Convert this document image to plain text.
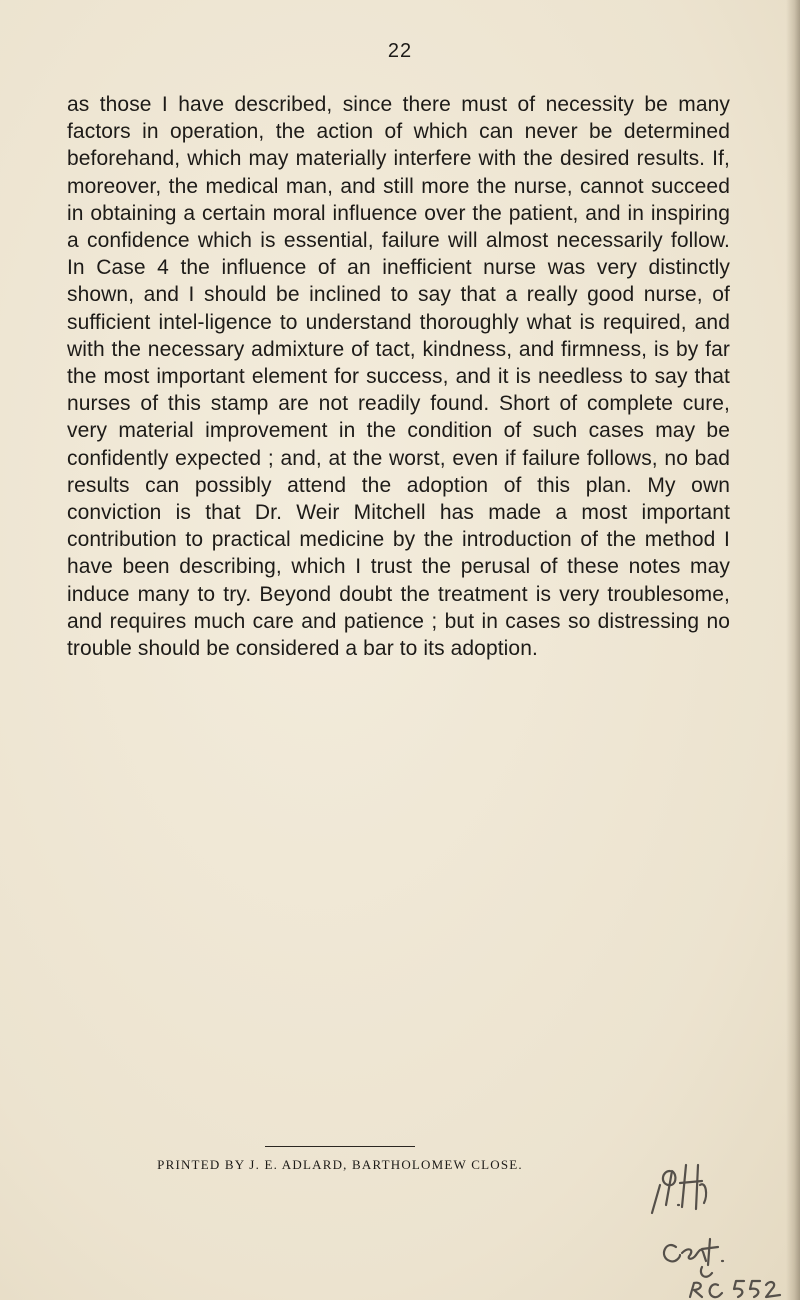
22

as those I have described, since there must of necessity be many factors in operation, the action of which can never be determined beforehand, which may materially interfere with the desired results. If, moreover, the medical man, and still more the nurse, cannot succeed in obtaining a certain moral influence over the patient, and in inspiring a confidence which is essential, failure will almost necessarily follow. In Case 4 the influence of an inefficient nurse was very distinctly shown, and I should be inclined to say that a really good nurse, of sufficient intel-ligence to understand thoroughly what is required, and with the necessary admixture of tact, kindness, and firmness, is by far the most important element for success, and it is needless to say that nurses of this stamp are not readily found. Short of complete cure, very material improvement in the condition of such cases may be confidently expected ; and, at the worst, even if failure follows, no bad results can possibly attend the adoption of this plan. My own conviction is that Dr. Weir Mitchell has made a most important contribution to practical medicine by the introduction of the method I have been describing, which I trust the perusal of these notes may induce many to try. Beyond doubt the treatment is very troublesome, and requires much care and patience ; but in cases so distressing no trouble should be considered a bar to its adoption.

PRINTED BY J. E. ADLARD, BARTHOLOMEW CLOSE.
